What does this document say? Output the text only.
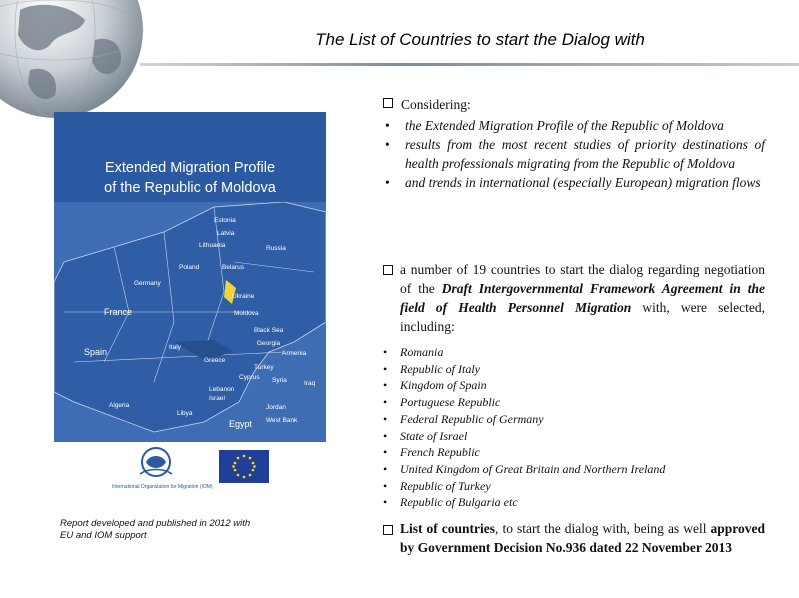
The List of Countries to start the Dialog with
Extended Migration Profile
of the Republic of Moldova
Estonia
Latvia
Lithuania	Russia
Poland	Belarus
Germany
Ukraine
France	Moldova
Black Sea
Georgia
Armenia
Spain	Italy
Greece
Turkey
Cyprus
Lebanon
Israel
Jordan
Algeria
Libya
Egypt West Bank
Syria	Iraq
International Organization for Migration (IOM)
Report developed and published in 2012 with
EU and IOM support
Considering:
• the Extended Migration Profile of the Republic of Moldova
• results from the most recent studies of priority destinations of health professionals migrating from the Republic of Moldova
• and trends in international (especially European) migration flows
a number of 19 countries to start the dialog regarding negotiation of the Draft Intergovernmental Framework Agreement in the field of Health Personnel Migration with, were selected, including:
• Romania
• Republic of Italy
• Kingdom of Spain
• Portuguese Republic
• Federal Republic of Germany
• State of Israel
• French Republic
• United Kingdom of Great Britain and Northern Ireland
• Republic of Turkey
• Republic of Bulgaria etc
List of countries, to start the dialog with, being as well approved by Government Decision No.936 dated 22 November 2013
